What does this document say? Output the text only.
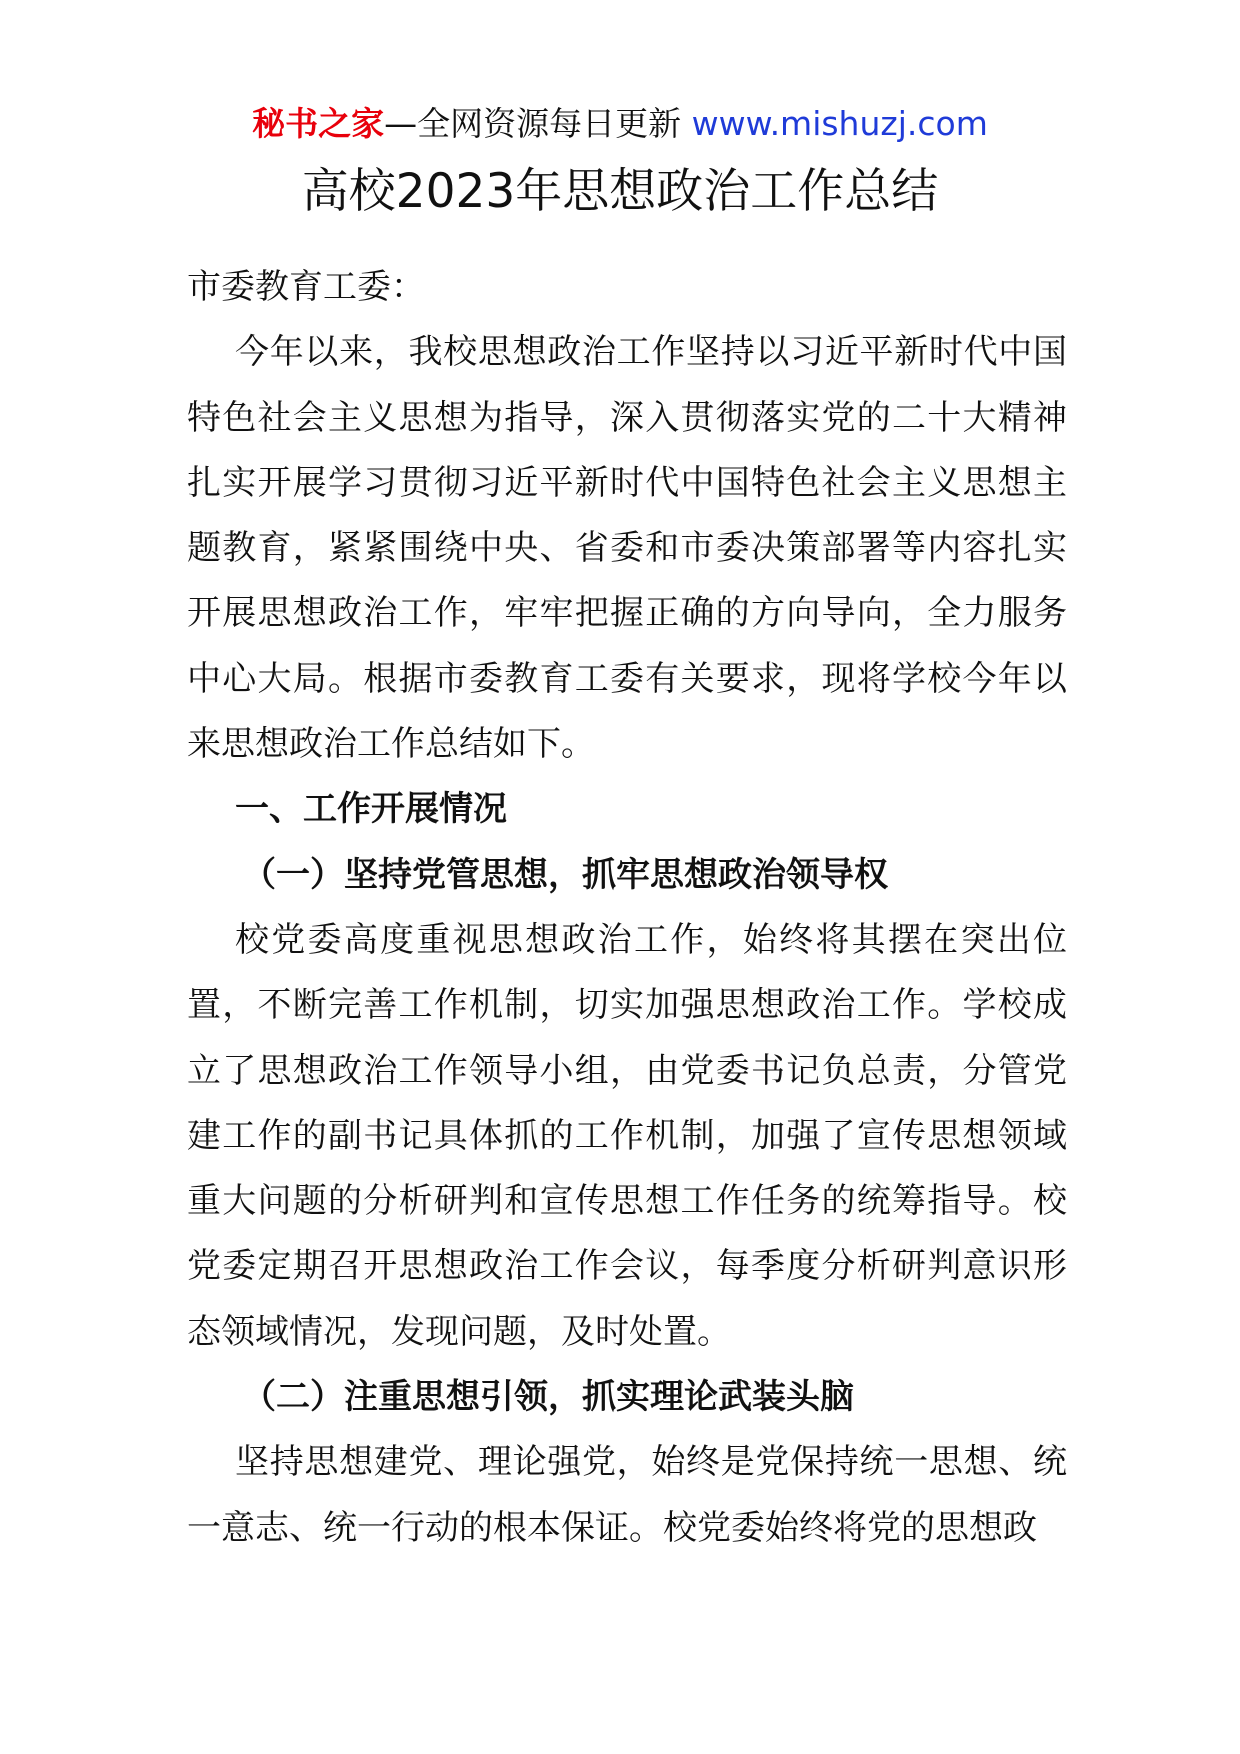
秘书之家—全网资源每日更新 www.mishuzj.com
高校2023年思想政治工作总结

市委教育工委：

今年以来，我校思想政治工作坚持以习近平新时代中国特色社会主义思想为指导，深入贯彻落实党的二十大精神扎实开展学习贯彻习近平新时代中国特色社会主义思想主题教育，紧紧围绕中央、省委和市委决策部署等内容扎实开展思想政治工作，牢牢把握正确的方向导向，全力服务中心大局。根据市委教育工委有关要求，现将学校今年以来思想政治工作总结如下。

一、工作开展情况

（一）坚持党管思想，抓牢思想政治领导权

校党委高度重视思想政治工作，始终将其摆在突出位置，不断完善工作机制，切实加强思想政治工作。学校成立了思想政治工作领导小组，由党委书记负总责，分管党建工作的副书记具体抓的工作机制，加强了宣传思想领域重大问题的分析研判和宣传思想工作任务的统筹指导。校党委定期召开思想政治工作会议，每季度分析研判意识形态领域情况，发现问题，及时处置。

（二）注重思想引领，抓实理论武装头脑

坚持思想建党、理论强党，始终是党保持统一思想、统一意志、统一行动的根本保证。校党委始终将党的思想政
